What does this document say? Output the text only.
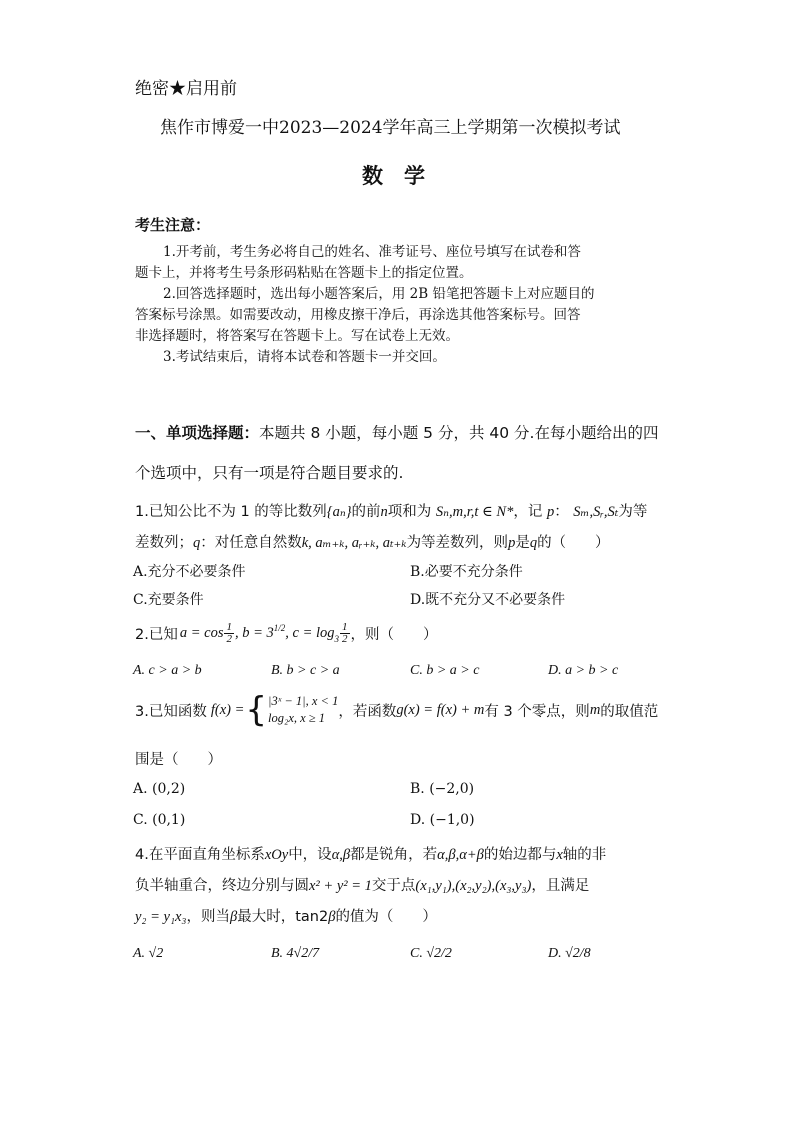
绝密★启用前
焦作市博爱一中2023—2024学年高三上学期第一次模拟考试
数　学
考生注意：
1.开考前，考生务必将自己的姓名、准考证号、座位号填写在试卷和答
题卡上，并将考生号条形码粘贴在答题卡上的指定位置。
2.回答选择题时，选出每小题答案后，用 2B 铅笔把答题卡上对应题目的
答案标号涂黑。如需要改动，用橡皮擦干净后，再涂选其他答案标号。回答
非选择题时，将答案写在答题卡上。写在试卷上无效。
3.考试结束后，请将本试卷和答题卡一并交回。
一、单项选择题：本题共 8 小题，每小题 5 分，共 40 分.在每小题给出的四
个选项中，只有一项是符合题目要求的.
1.已知公比不为 1 的等比数列{aₙ}的前n项和为 Sₙ,m,r,t ∈ N*，记 p： Sₘ,Sᵣ,Sₜ为等
差数列；q：对任意自然数k, aₘ₊ₖ, aᵣ₊ₖ, aₜ₊ₖ为等差数列，则p是q的（　　）
A.充分不必要条件	B.必要不充分条件
C.充要条件	D.既不充分又不必要条件
2.已知 $a = \cos \frac{1}{2}$ , $b = 3^{1/2}$ , $c = \log_3 \frac{1}{2}$ ，则（　　）
A. c > a > b	B. b > c > a	C. b > a > c	D. a > b > c
3.已知函数 f(x) = { |3ˣ − 1|, x < 1
log₂x, x ≥ 1 ，若函数 g(x) = f(x) + m 有 3 个零点，则 m 的取值范
围是（　　）
A. (0,2)	B. (−2,0)
C. (0,1)	D. (−1,0)
4.在平面直角坐标系xOy中，设α,β都是锐角，若α,β,α+β的始边都与x轴的非
负半轴重合，终边分别与圆x² + y² = 1交于点(x₁,y₁),(x₂,y₂),(x₃,y₃)，且满足
y₂ = y₁x₃，则当β最大时，tan2β的值为（　　）
A. √2	B. 4√2/7	C. √2/2	D. √2/8
